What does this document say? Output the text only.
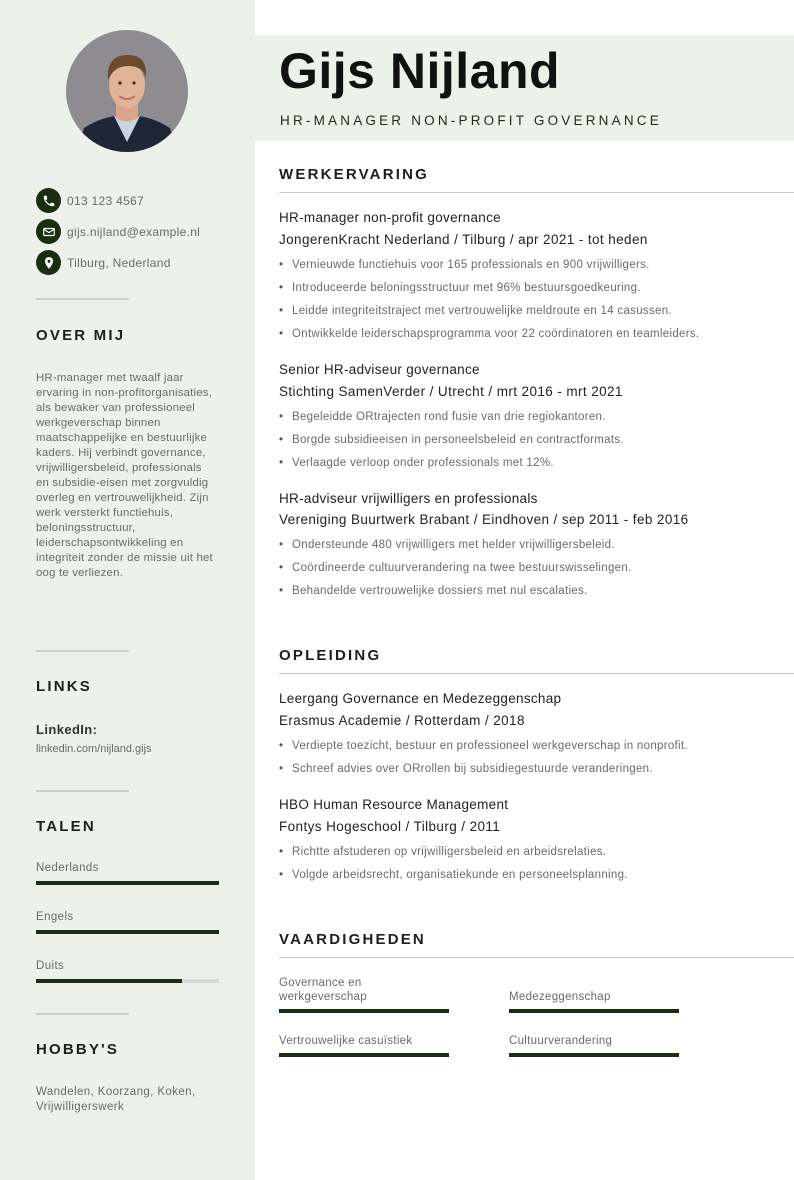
013 123 4567
gijs.nijland@example.nl
Tilburg, Nederland
OVER MIJ
HR-manager met twaalf jaar ervaring in non-profitorganisaties, als bewaker van professioneel werkgeverschap binnen maatschappelijke en bestuurlijke kaders. Hij verbindt governance, vrijwilligersbeleid, professionals en subsidie-eisen met zorgvuldig overleg en vertrouwelijkheid. Zijn werk versterkt functiehuis, beloningsstructuur, leiderschapsontwikkeling en integriteit zonder de missie uit het oog te verliezen.
LINKS
LinkedIn:
linkedin.com/nijland.gijs
TALEN
Nederlands
Engels
Duits
HOBBY'S
Wandelen, Koorzang, Koken, Vrijwilligerswerk
Gijs Nijland
HR-MANAGER NON-PROFIT GOVERNANCE
WERKERVARING
HR-manager non-profit governance
JongerenKracht Nederland / Tilburg / apr 2021 - tot heden
• Vernieuwde functiehuis voor 165 professionals en 900 vrijwilligers.
• Introduceerde beloningsstructuur met 96% bestuursgoedkeuring.
• Leidde integriteitstraject met vertrouwelijke meldroute en 14 casussen.
• Ontwikkelde leiderschapsprogramma voor 22 coördinatoren en teamleiders.
Senior HR-adviseur governance
Stichting SamenVerder / Utrecht / mrt 2016 - mrt 2021
• Begeleidde ORtrajecten rond fusie van drie regiokantoren.
• Borgde subsidieeisen in personeelsbeleid en contractformats.
• Verlaagde verloop onder professionals met 12%.
HR-adviseur vrijwilligers en professionals
Vereniging Buurtwerk Brabant / Eindhoven / sep 2011 - feb 2016
• Ondersteunde 480 vrijwilligers met helder vrijwilligersbeleid.
• Coördineerde cultuurverandering na twee bestuurswisselingen.
• Behandelde vertrouwelijke dossiers met nul escalaties.
OPLEIDING
Leergang Governance en Medezeggenschap
Erasmus Academie / Rotterdam / 2018
• Verdiepte toezicht, bestuur en professioneel werkgeverschap in nonprofit.
• Schreef advies over ORrollen bij subsidiegestuurde veranderingen.
HBO Human Resource Management
Fontys Hogeschool / Tilburg / 2011
• Richtte afstuderen op vrijwilligersbeleid en arbeidsrelaties.
• Volgde arbeidsrecht, organisatiekunde en personeelsplanning.
VAARDIGHEDEN
Governance en werkgeverschap	Medezeggenschap
Vertrouwelijke casuïstiek	Cultuurverandering
